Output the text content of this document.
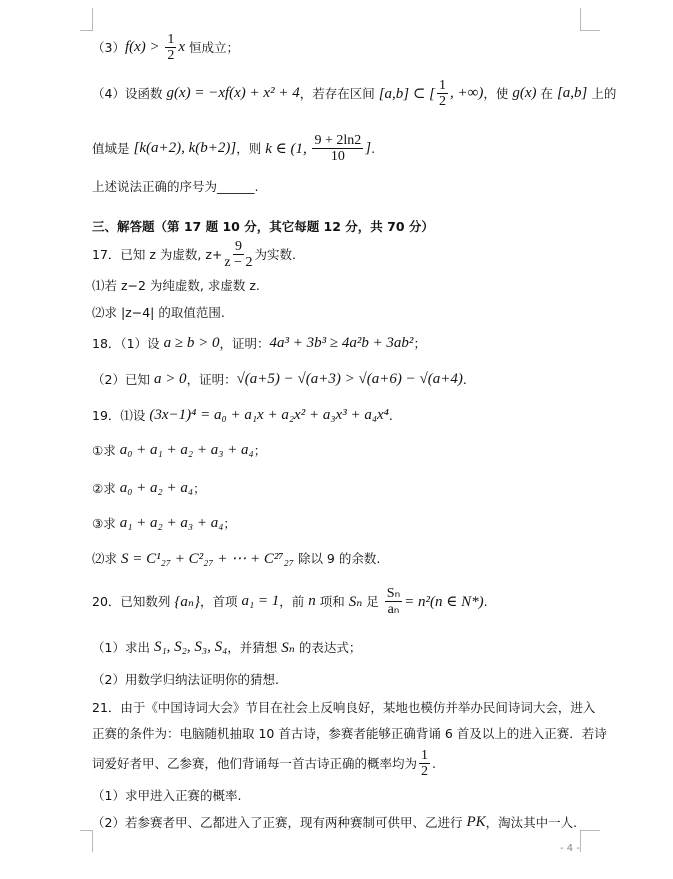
（3） $f(x) > \frac{1}{2}$ x 恒成立；
（4）设函数 g(x) = −xf(x) + x² + 4 ，若存在区间 [a,b] ⊂ [ $\frac{1}{2}$ , +∞) ，使 g(x) 在 [a,b] 上的
值域是 [k(a+2), k(b+2)] ，则 k ∈ (1, $\frac{9 + 2\ln 2}{10}$ ] .
上述说法正确的序号为______.
三、解答题（第 17 题 10 分，其它每题 12 分，共 70 分）
17．已知 z 为虚数, $z+ \frac{9}{z - 2}$ 为实数.
⑴若 z−2 为纯虚数, 求虚数 z.
⑵求 |z−4| 的取值范围.
18．（1）设 a ≥ b > 0 ，证明： 4a³ + 3b³ ≥ 4a²b + 3ab² ；
（2）已知 a > 0 ，证明： √(a+5) − √(a+3) > √(a+6) − √(a+4) .
19．⑴设 (3x−1)⁴ = a₀ + a₁x + a₂x² + a₃x³ + a₄x⁴ .
①求 a₀ + a₁ + a₂ + a₃ + a₄ ；
②求 a₀ + a₂ + a₄ ；
③求 a₁ + a₂ + a₃ + a₄ ；
⑵求 S = C¹₂₇ + C²₂₇ + ⋯ + C²⁷₂₇ 除以 9 的余数.
20．已知数列 {aₙ} ，首项 a₁ = 1 ，前 n 项和 Sₙ 足 $\frac{\text{Sₙ}}{\text{aₙ}} = n^2(n$ ∈ N*) .
（1）求出 S₁, S₂, S₃, S₄ ，并猜想 Sₙ 的表达式；
（2）用数学归纳法证明你的猜想.
21．由于《中国诗词大会》节目在社会上反响良好，某地也模仿并举办民间诗词大会，进入
正赛的条件为：电脑随机抽取 10 首古诗，参赛者能够正确背诵 6 首及以上的进入正赛．若诗
词爱好者甲、乙参赛，他们背诵每一首古诗正确的概率均为 $\frac{1}{2}$ .
（1）求甲进入正赛的概率.
（2）若参赛者甲、乙都进入了正赛，现有两种赛制可供甲、乙进行 PK ，淘汰其中一人.
- 4 -
